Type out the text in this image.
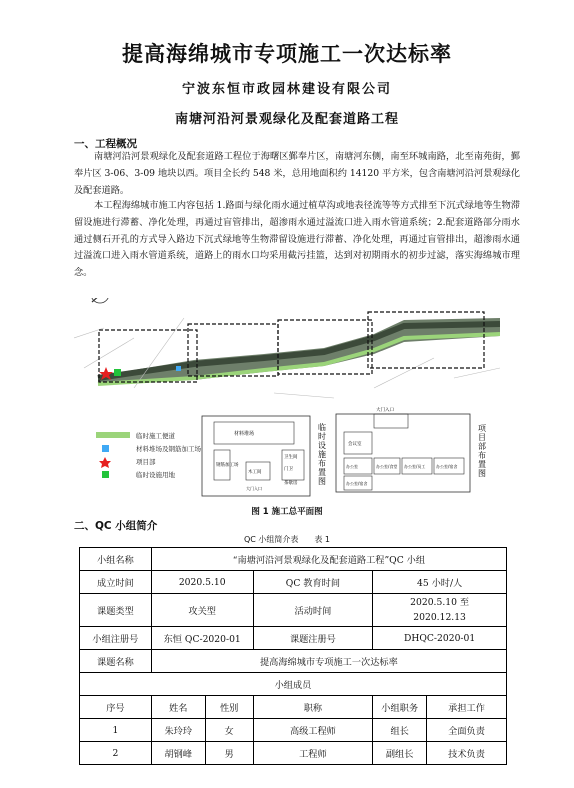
提高海绵城市专项施工一次达标率
宁波东恒市政园林建设有限公司
南塘河沿河景观绿化及配套道路工程
一、工程概况
南塘河沿河景观绿化及配套道路工程位于海曙区鄞奉片区，南塘河东侧，南至环城南路，北至南苑街，鄞奉片区 3-06、3-09 地块以西。项目全长约 548 米，总用地面积约 14120 平方米，包含南塘河沿河景观绿化及配套道路。
本工程海绵城市施工内容包括 1.路面与绿化雨水通过植草沟或地表径流等等方式排至下沉式绿地等生物滞留设施进行滞蓄、净化处理，再通过盲管排出，超渗雨水通过溢流口进入雨水管道系统；2.配套道路部分雨水通过侧石开孔的方式导入路边下沉式绿地等生物滞留设施进行滞蓄、净化处理，再通过盲管排出，超渗雨水通过溢流口进入雨水管道系统，道路上的雨水口均采用截污挂篮，达到对初期雨水的初步过滤，落实海绵城市理念。
临时施工便道
材料堆场及钢筋加工场
项目部
临时设施用地
材料堆场
钢筋加工场
卫生间
门卫
木工间
大门入口
茶歇房	临时设施布置图
大门入口
会议室
办公室	办公室/食堂 办公室/员工
办公室/宿舍
办公室/宿舍	项目部布置图
图 1 施工总平面图
二、QC 小组简介
QC 小组简介表　　表 1
小组名称	“南塘河沿河景观绿化及配套道路工程”QC 小组				
成立时间	2020.5.10		QC 教育时间	45 小时/人	
课题类型	攻关型		活动时间	2020.5.10 至
2020.12.13	
小组注册号	东恒 QC-2020-01		课题注册号	DHQC-2020-01	
课题名称	提高海绵城市专项施工一次达标率				
小组成员					
序号	姓名	性别	职称	小组职务	承担工作
1	朱玲玲	女	高级工程师	组长	全面负责
2	胡钢峰	男	工程师	副组长	技术负责
